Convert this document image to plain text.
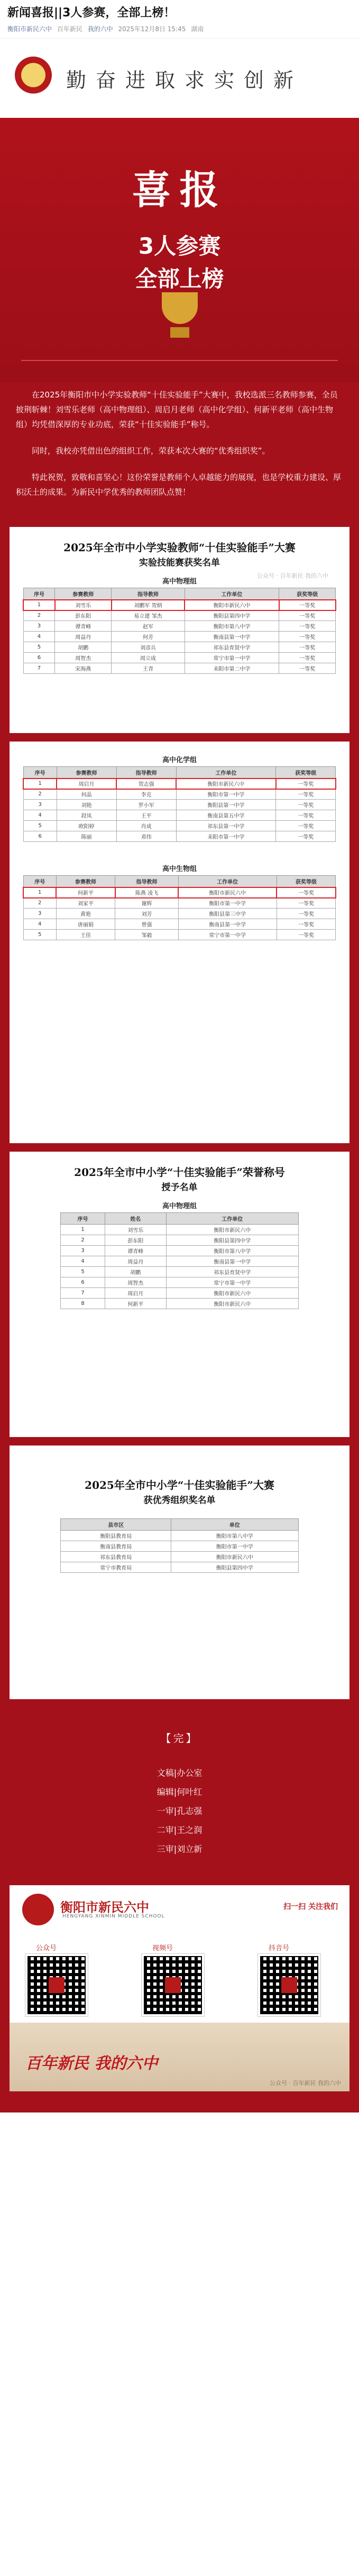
新闻喜报||3人参赛，全部上榜！
衡阳市新民六中 百年新民 我的六中 2025年12月8日 15:45 湖南
勤奋进取求实创新
喜报
3人参赛
全部上榜

在2025年衡阳市中小学实验教师“十佳实验能手”大赛中，我校选派三名教师参赛，全员披荆斩棘！刘雪乐老师（高中物理组）、周启月老师（高中化学组）、何新平老师（高中生物组）均凭借深厚的专业功底，荣获“十佳实验能手”称号。

同时，我校亦凭借出色的组织工作，荣获本次大赛的“优秀组织奖”。

特此祝贺，致敬和喜坚心！这份荣誉是教师个人卓越能力的展现，也是学校重力建设、厚积沃土的成果。为新民中学优秀的教师团队点赞！

2025年全市中小学实验教师“十佳实验能手”大赛
实验技能赛获奖名单
公众号 · 百年新民 我的六中
高中物理组
序号	参赛教师	指导教师	工作单位	获奖等级
1	刘雪乐	刘鹏军 贺炳	衡阳市新民六中	一等奖
2	彭东阳	易立建 邹杰	衡阳县第四中学	一等奖
3	谭青峰	赵军	衡阳市第八中学	一等奖
4	周益丹	何芳	衡南县第一中学	一等奖
5	胡鹏	刘彦兵	祁东县育贤中学	一等奖
6	周智杰	周立成	常宁市第一中学	一等奖
7	宋海燕	王青	耒阳市第二中学	一等奖
高中化学组
序号	参赛教师	指导教师	工作单位	获奖等级
1	周启月	贺志强	衡阳市新民六中	一等奖
2	何晶	李克	衡阳市第一中学	一等奖
3	刘艳	罗小军	衡阳县第一中学	一等奖
4	段凤	王平	衡南县第五中学	一等奖
5	欧阳婷	肖成	祁东县第一中学	一等奖
6	陈丽	邓伟	耒阳市第一中学	一等奖
高中生物组
序号	参赛教师	指导教师	工作单位	获奖等级
1	何新平	陈燕 凌飞	衡阳市新民六中	一等奖
2	刘家平	谢辉	衡阳市第一中学	一等奖
3	黄艳	刘芳	衡阳县第三中学	一等奖
4	唐丽娟	曾强	衡南县第一中学	一等奖
5	王佳	邹毅	常宁市第一中学	一等奖
2025年全市中小学“十佳实验能手”荣誉称号
授予名单
高中物理组
序号	姓名	工作单位
1	刘雪乐	衡阳市新民六中
2	彭东阳	衡阳县第四中学
3	谭青峰	衡阳市第八中学
4	周益丹	衡南县第一中学
5	胡鹏	祁东县育贤中学
6	周智杰	常宁市第一中学
7	周启月	衡阳市新民六中
8	何新平	衡阳市新民六中
2025年全市中小学“十佳实验能手”大赛
获优秀组织奖名单
县市区	单位
衡阳县教育局	衡阳市第八中学
衡南县教育局	衡阳市第一中学
祁东县教育局	衡阳市新民六中
常宁市教育局	衡阳县第四中学
【完】
文稿|办公室
编辑|何叶红
一审|孔志强
二审|王之润
三审|刘立新
衡阳市新民六中
HENGYANG XINMIN MIDDLE SCHOOL
扫一扫 关注我们
公众号	视频号	抖音号
百年新民 我的六中
公众号 · 百年新民 我的六中
